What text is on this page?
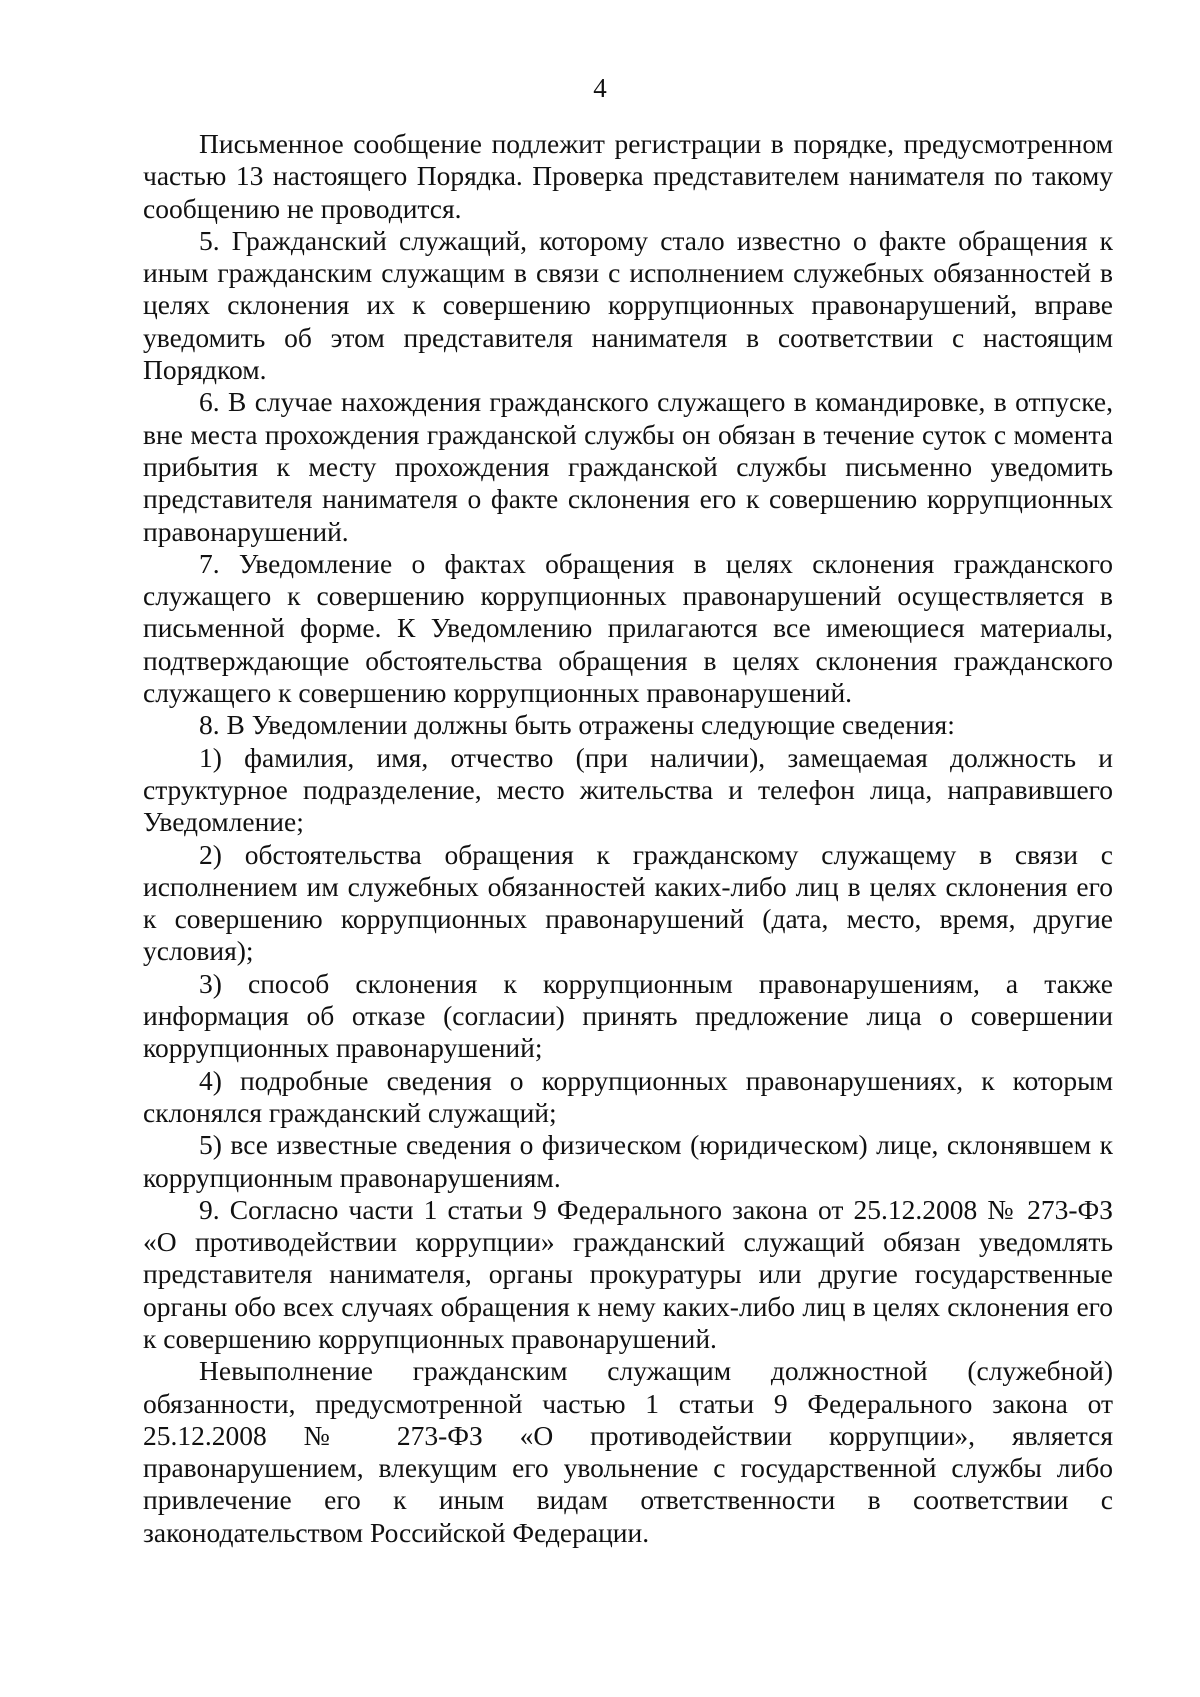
4

Письменное сообщение подлежит регистрации в порядке, предусмотренном частью 13 настоящего Порядка. Проверка представителем нанимателя по такому сообщению не проводится.

5. Гражданский служащий, которому стало известно о факте обращения к иным гражданским служащим в связи с исполнением служебных обязанностей в целях склонения их к совершению коррупционных правонарушений, вправе уведомить об этом представителя нанимателя в соответствии с настоящим Порядком.

6. В случае нахождения гражданского служащего в командировке, в отпуске, вне места прохождения гражданской службы он обязан в течение суток с момента прибытия к месту прохождения гражданской службы письменно уведомить представителя нанимателя о факте склонения его к совершению коррупционных правонарушений.

7. Уведомление о фактах обращения в целях склонения гражданского служащего к совершению коррупционных правонарушений осуществляется в письменной форме. К Уведомлению прилагаются все имеющиеся материалы, подтверждающие обстоятельства обращения в целях склонения гражданского служащего к совершению коррупционных правонарушений.

8. В Уведомлении должны быть отражены следующие сведения:

1) фамилия, имя, отчество (при наличии), замещаемая должность и структурное подразделение, место жительства и телефон лица, направившего Уведомление;

2) обстоятельства обращения к гражданскому служащему в связи с исполнением им служебных обязанностей каких-либо лиц в целях склонения его к совершению коррупционных правонарушений (дата, место, время, другие условия);

3) способ склонения к коррупционным правонарушениям, а также информация об отказе (согласии) принять предложение лица о совершении коррупционных правонарушений;

4) подробные сведения о коррупционных правонарушениях, к которым склонялся гражданский служащий;

5) все известные сведения о физическом (юридическом) лице, склонявшем к коррупционным правонарушениям.

9. Согласно части 1 статьи 9 Федерального закона от 25.12.2008 № 273-ФЗ «О противодействии коррупции» гражданский служащий обязан уведомлять представителя нанимателя, органы прокуратуры или другие государственные органы обо всех случаях обращения к нему каких-либо лиц в целях склонения его к совершению коррупционных правонарушений.

Невыполнение гражданским служащим должностной (служебной) обязанности, предусмотренной частью 1 статьи 9 Федерального закона от 25.12.2008 № 273-ФЗ «О противодействии коррупции», является правонарушением, влекущим его увольнение с государственной службы либо привлечение его к иным видам ответственности в соответствии с законодательством Российской Федерации.
